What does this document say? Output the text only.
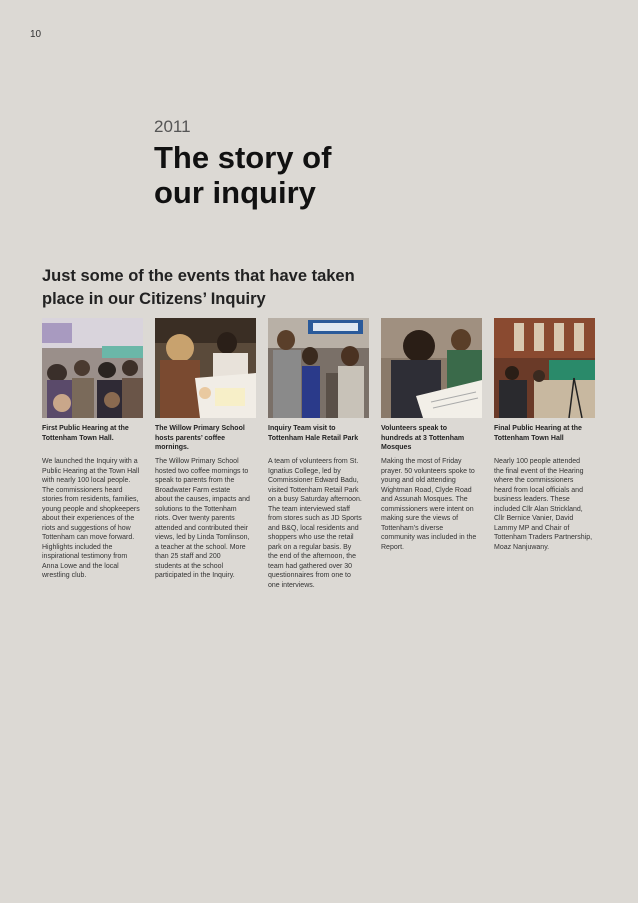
10
2011
The story of
our inquiry
Just some of the events that have taken
place in our Citizens’ Inquiry
First Public Hearing at the
Tottenham Town Hall.
We launched the Inquiry with a
Public Hearing at the Town Hall
with nearly 100 local people.
The commissioners heard
stories from residents, families,
young people and shopkeepers
about their experiences of the
riots and suggestions of how
Tottenham can move forward.
Highlights included the
inspirational testimony from
Anna Lowe and the local
wrestling club.
The Willow Primary School
hosts parents’ coffee
mornings.
The Willow Primary School
hosted two coffee mornings to
speak to parents from the
Broadwater Farm estate
about the causes, impacts and
solutions to the Tottenham
riots. Over twenty parents
attended and contributed their
views, led by Linda Tomlinson,
a teacher at the school. More
than 25 staff and 200
students at the school
participated in the Inquiry.
Inquiry Team visit to
Tottenham Hale Retail Park
A team of volunteers from St.
Ignatius College, led by
Commissioner Edward Badu,
visited Tottenham Retail Park
on a busy Saturday afternoon.
The team interviewed staff
from stores such as JD Sports
and B&Q, local residents and
shoppers who use the retail
park on a regular basis. By
the end of the afternoon, the
team had gathered over 30
questionnaires from one to
one interviews.
Volunteers speak to
hundreds at 3 Tottenham
Mosques
Making the most of Friday
prayer. 50 volunteers spoke to
young and old attending
Wightman Road, Clyde Road
and Assunah Mosques. The
commissioners were intent on
making sure the views of
Tottenham’s diverse
community was included in the
Report.
Final Public Hearing at the
Tottenham Town Hall
Nearly 100 people attended
the final event of the Hearing
where the commissioners
heard from local officials and
business leaders. These
included Cllr Alan Strickland,
Cllr Bernice Vanier, David
Lammy MP and Chair of
Tottenham Traders Partnership,
Moaz Nanjuwany.
